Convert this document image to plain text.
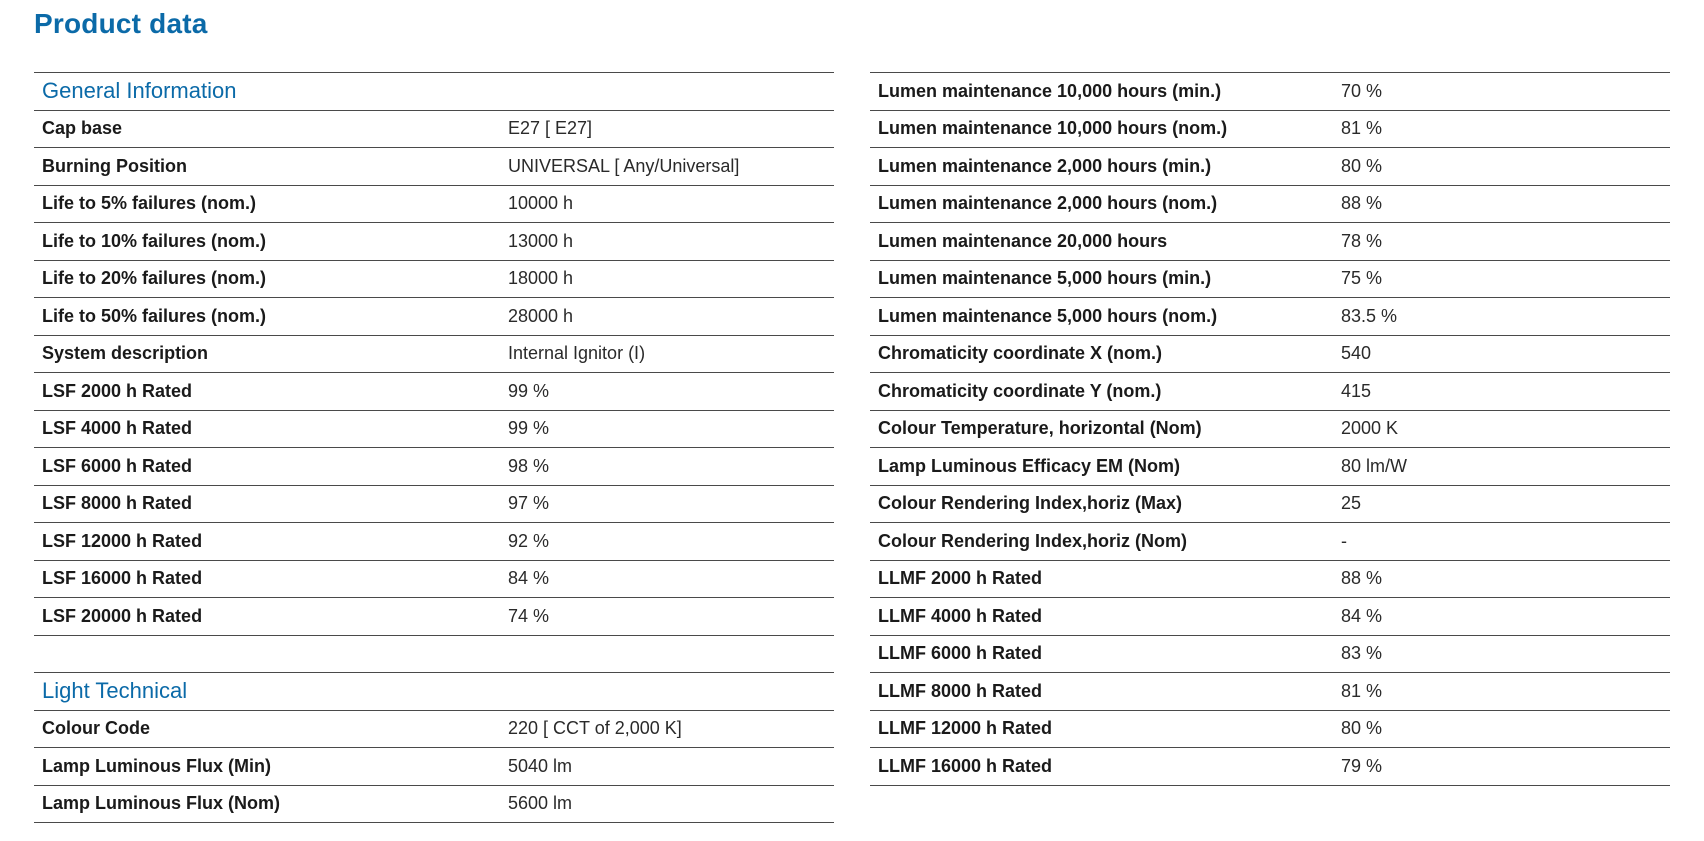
Product data
General Information
Cap base	E27 [ E27]
Burning Position	UNIVERSAL [ Any/Universal]
Life to 5% failures (nom.)	10000 h
Life to 10% failures (nom.)	13000 h
Life to 20% failures (nom.)	18000 h
Life to 50% failures (nom.)	28000 h
System description	Internal Ignitor (I)
LSF 2000 h Rated	99 %
LSF 4000 h Rated	99 %
LSF 6000 h Rated	98 %
LSF 8000 h Rated	97 %
LSF 12000 h Rated	92 %
LSF 16000 h Rated	84 %
LSF 20000 h Rated	74 %
Light Technical
Colour Code	220 [ CCT of 2,000 K]
Lamp Luminous Flux (Min)	5040 lm
Lamp Luminous Flux (Nom)	5600 lm
Lumen maintenance 10,000 hours (min.)	70 %
Lumen maintenance 10,000 hours (nom.)	81 %
Lumen maintenance 2,000 hours (min.)	80 %
Lumen maintenance 2,000 hours (nom.)	88 %
Lumen maintenance 20,000 hours	78 %
Lumen maintenance 5,000 hours (min.)	75 %
Lumen maintenance 5,000 hours (nom.)	83.5 %
Chromaticity coordinate X (nom.)	540
Chromaticity coordinate Y (nom.)	415
Colour Temperature, horizontal (Nom)	2000 K
Lamp Luminous Efficacy EM (Nom)	80 lm/W
Colour Rendering Index,horiz (Max)	25
Colour Rendering Index,horiz (Nom)	-
LLMF 2000 h Rated	88 %
LLMF 4000 h Rated	84 %
LLMF 6000 h Rated	83 %
LLMF 8000 h Rated	81 %
LLMF 12000 h Rated	80 %
LLMF 16000 h Rated	79 %
